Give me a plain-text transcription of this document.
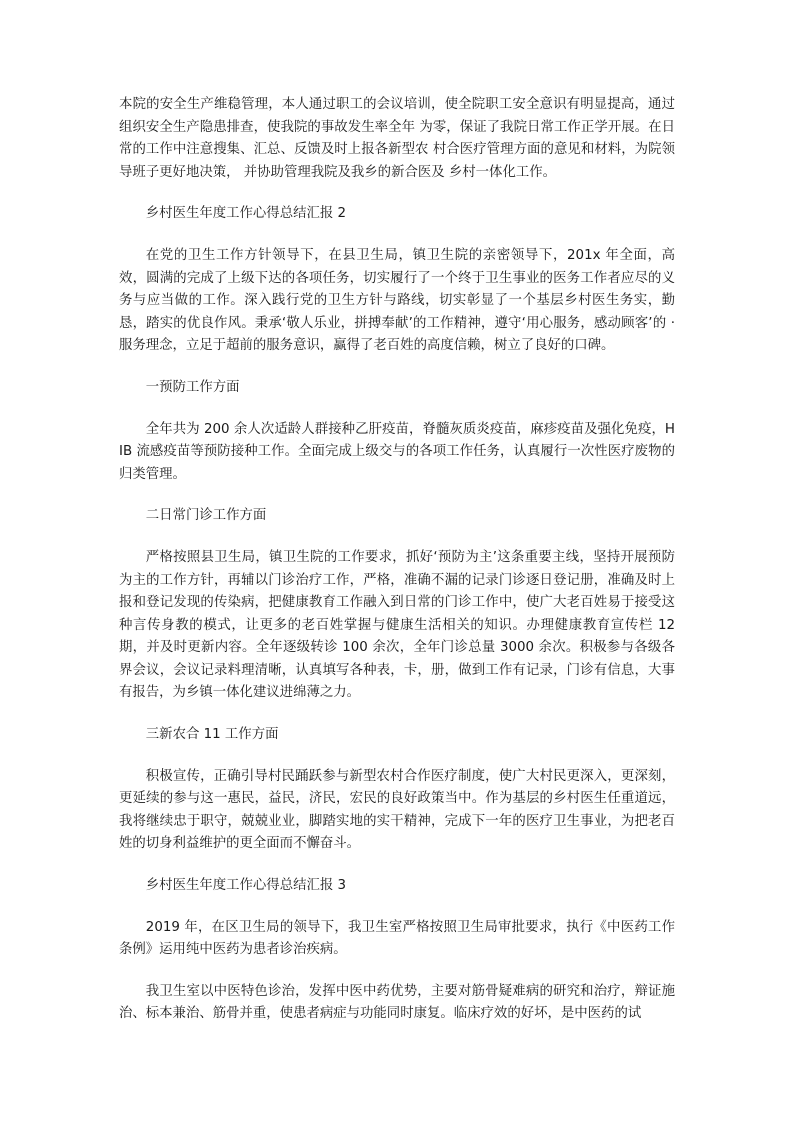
本院的安全生产维稳管理，本人通过职工的会议培训，使全院职工安全意识有明显提高，通过组织安全生产隐患排查，使我院的事故发生率全年 为零，保证了我院日常工作正学开展。在日常的工作中注意搜集、汇总、反馈及时上报各新型农 村合医疗管理方面的意见和材料，为院领导班子更好地决策， 并协助管理我院及我乡的新合医及 乡村一体化工作。

乡村医生年度工作心得总结汇报 2

在党的卫生工作方针领导下，在县卫生局，镇卫生院的亲密领导下，201x 年全面，高效，圆满的完成了上级下达的各项任务，切实履行了一个终于卫生事业的医务工作者应尽的义务与应当做的工作。深入践行党的卫生方针与路线，切实彰显了一个基层乡村医生务实，勤恳，踏实的优良作风。秉承‘敬人乐业，拼搏奉献’的工作精神，遵守‘用心服务，感动顾客’的 · 服务理念，立足于超前的服务意识，赢得了老百姓的高度信赖，树立了良好的口碑。

一预防工作方面

全年共为 200 余人次适龄人群接种乙肝疫苗，脊髓灰质炎疫苗，麻疹疫苗及强化免疫，HIB 流感疫苗等预防接种工作。全面完成上级交与的各项工作任务，认真履行一次性医疗废物的归类管理。

二日常门诊工作方面

严格按照县卫生局，镇卫生院的工作要求，抓好‘预防为主’这条重要主线，坚持开展预防为主的工作方针，再辅以门诊治疗工作，严格，准确不漏的记录门诊逐日登记册，准确及时上报和登记发现的传染病，把健康教育工作融入到日常的门诊工作中，使广大老百姓易于接受这种言传身教的模式，让更多的老百姓掌握与健康生活相关的知识。办理健康教育宣传栏 12 期，并及时更新内容。全年逐级转诊 100 余次，全年门诊总量 3000 余次。积极参与各级各界会议，会议记录料理清晰，认真填写各种表，卡，册，做到工作有记录，门诊有信息，大事有报告，为乡镇一体化建议进绵薄之力。

三新农合 11 工作方面

积极宣传，正确引导村民踊跃参与新型农村合作医疗制度，使广大村民更深入，更深刻，更延续的参与这一惠民，益民，济民，宏民的良好政策当中。作为基层的乡村医生任重道远，我将继续忠于职守，兢兢业业，脚踏实地的实干精神，完成下一年的医疗卫生事业，为把老百姓的切身利益维护的更全面而不懈奋斗。

乡村医生年度工作心得总结汇报 3

2019 年，在区卫生局的领导下，我卫生室严格按照卫生局审批要求，执行《中医药工作条例》运用纯中医药为患者诊治疾病。

我卫生室以中医特色诊治，发挥中医中药优势，主要对筋骨疑难病的研究和治疗，辩证施治、标本兼治、筋骨并重，使患者病症与功能同时康复。临床疗效的好坏，是中医药的试
